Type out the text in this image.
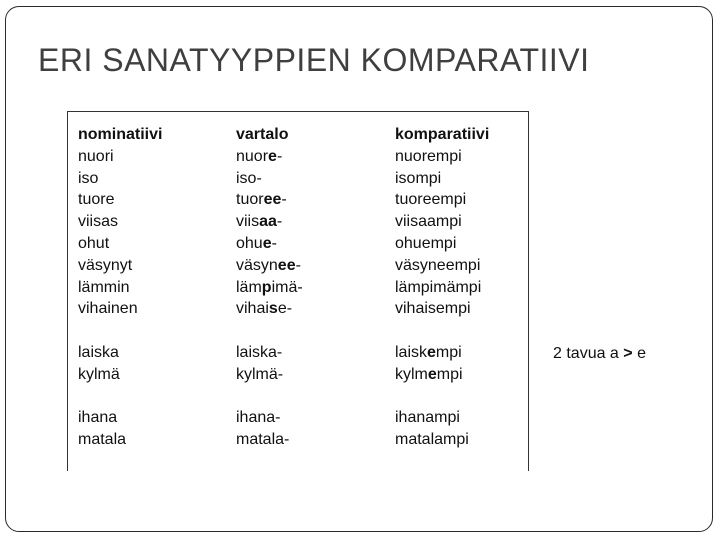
ERI SANATYYPPIEN KOMPARATIIVI
nominatiivi
nuori
iso
tuore
viisas
ohut
väsynyt
lämmin
vihainen
laiska
kylmä
ihana
matala
vartalo
nuore-
iso-
tuoree-
viisaa-
ohue-
väsynee-
lämpimä-
vihaise-
laiska-
kylmä-
ihana-
matala-
komparatiivi
nuorempi
isompi
tuoreempi
viisaampi
ohuempi
väsyneempi
lämpimämpi
vihaisempi
laiskempi
kylmempi
ihanampi
matalampi
2 tavua a > e
